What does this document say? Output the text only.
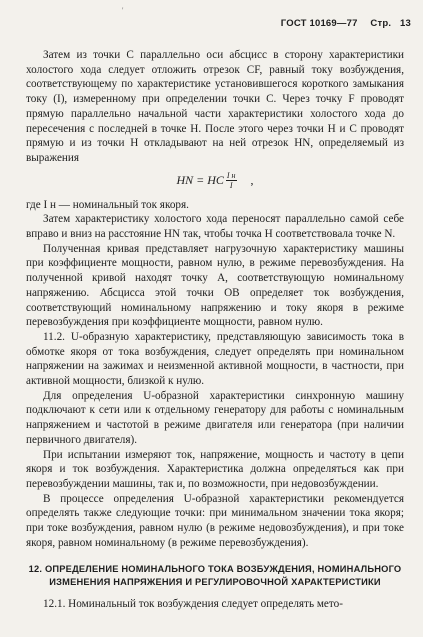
'
ГОСТ 10169—77 Стр. 13

Затем из точки C параллельно оси абсцисс в сторону характеристики холостого хода следует отложить отрезок CF, равный току возбуждения, соответствующему по характеристике установившегося короткого замыкания току (I), измеренному при определении точки C. Через точку F проводят прямую параллельно начальной части характеристики холостого хода до пересечения с последней в точке H. После этого через точки H и C проводят прямую и из точки H откладывают на ней отрезок HN, определяемый из выражения

HN = HC $\frac{\text{I н}}{I}$ ,

где I н — номинальный ток якоря.

Затем характеристику холостого хода переносят параллельно самой себе вправо и вниз на расстояние HN так, чтобы точка H соответствовала точке N.

Полученная кривая представляет нагрузочную характеристику машины при коэффициенте мощности, равном нулю, в режиме перевозбуждения. На полученной кривой находят точку A, соответствующую номинальному напряжению. Абсцисса этой точки OB определяет ток возбуждения, соответствующий номинальному напряжению и току якоря в режиме перевозбуждения при коэффициенте мощности, равном нулю.

11.2. U-образную характеристику, представляющую зависимость тока в обмотке якоря от тока возбуждения, следует определять при номинальном напряжении на зажимах и неизменной активной мощности, в частности, при активной мощности, близкой к нулю.

Для определения U-образной характеристики синхронную машину подключают к сети или к отдельному генератору для работы с номинальным напряжением и частотой в режиме двигателя или генератора (при наличии первичного двигателя).

При испытании измеряют ток, напряжение, мощность и частоту в цепи якоря и ток возбуждения. Характеристика должна определяться как при перевозбуждении машины, так и, по возможности, при недовозбуждении.

В процессе определения U-образной характеристики рекомендуется определять также следующие точки: при минимальном значении тока якоря; при токе возбуждения, равном нулю (в режиме недовозбуждения), и при токе якоря, равном номинальному (в режиме перевозбуждения).

12. ОПРЕДЕЛЕНИЕ НОМИНАЛЬНОГО ТОКА ВОЗБУЖДЕНИЯ, НОМИНАЛЬНОГО ИЗМЕНЕНИЯ НАПРЯЖЕНИЯ И РЕГУЛИРОВОЧНОЙ ХАРАКТЕРИСТИКИ

12.1. Номинальный ток возбуждения следует определять мето-
